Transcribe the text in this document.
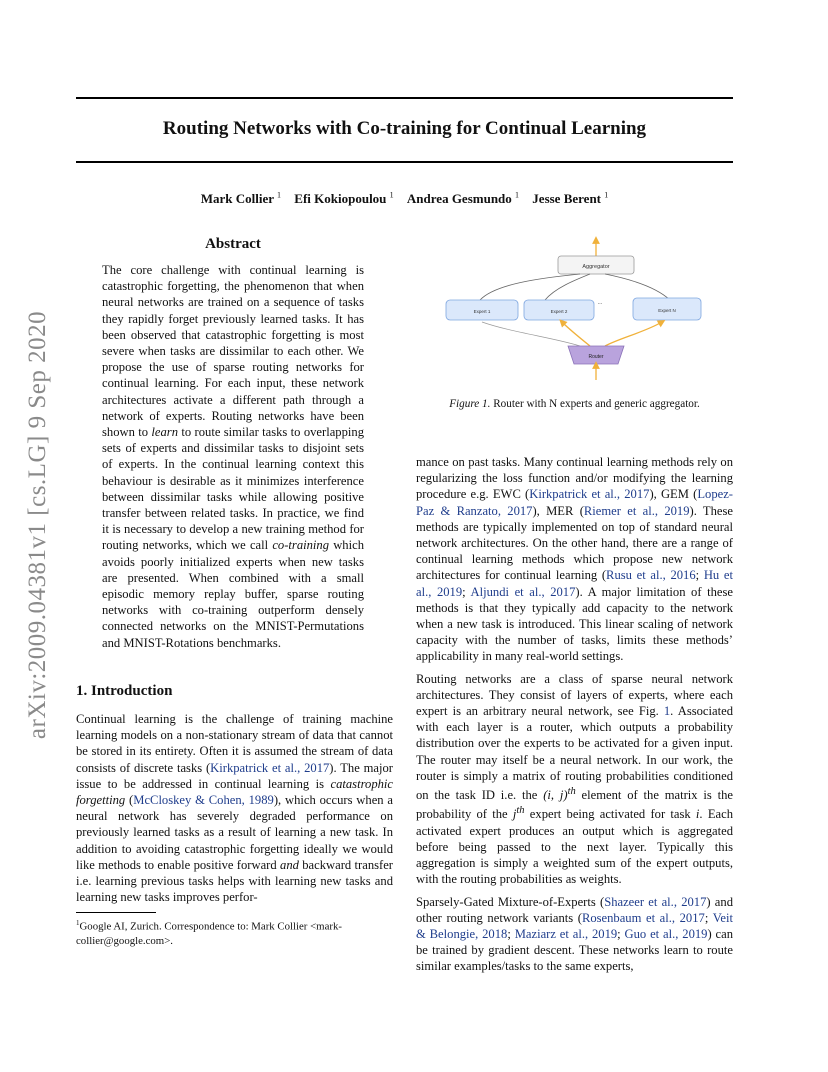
Routing Networks with Co-training for Continual Learning
Mark Collier $^1$ Efi Kokiopoulou $^1$ Andrea Gesmundo $^1$ Jesse Berent $^1$
arXiv:2009.04381v1 [cs.LG] 9 Sep 2020
Abstract

The core challenge with continual learning is catastrophic forgetting, the phenomenon that when neural networks are trained on a sequence of tasks they rapidly forget previously learned tasks. It has been observed that catastrophic forgetting is most severe when tasks are dissimilar to each other. We propose the use of sparse routing networks for continual learning. For each input, these network architectures activate a different path through a network of experts. Routing networks have been shown to learn to route similar tasks to overlapping sets of experts and dissimilar tasks to disjoint sets of experts. In the continual learning context this behaviour is desirable as it minimizes interference between dissimilar tasks while allowing positive transfer between related tasks. In practice, we find it is necessary to develop a new training method for routing networks, which we call co-training which avoids poorly initialized experts when new tasks are presented. When combined with a small episodic memory replay buffer, sparse routing networks with co-training outperform densely connected networks on the MNIST-Permutations and MNIST-Rotations benchmarks.

Aggregator
Expert 1	Expert 2
...
Expert N
Router
Figure 1. Router with N experts and generic aggregator.
1. Introduction

Continual learning is the challenge of training machine learning models on a non-stationary stream of data that cannot be stored in its entirety. Often it is assumed the stream of data consists of discrete tasks (Kirkpatrick et al., 2017). The major issue to be addressed in continual learning is catastrophic forgetting (McCloskey & Cohen, 1989), which occurs when a neural network has severely degraded performance on previously learned tasks as a result of learning a new task. In addition to avoiding catastrophic forgetting ideally we would like methods to enable positive forward and backward transfer i.e. learning previous tasks helps with learning new tasks and learning new tasks improves perfor-

$^1$Google AI, Zurich. Correspondence to: Mark Collier <mark-collier@google.com>.

mance on past tasks. Many continual learning methods rely on regularizing the loss function and/or modifying the learning procedure e.g. EWC (Kirkpatrick et al., 2017), GEM (Lopez-Paz & Ranzato, 2017), MER (Riemer et al., 2019). These methods are typically implemented on top of standard neural network architectures. On the other hand, there are a range of continual learning methods which propose new network architectures for continual learning (Rusu et al., 2016; Hu et al., 2019; Aljundi et al., 2017). A major limitation of these methods is that they typically add capacity to the network when a new task is introduced. This linear scaling of network capacity with the number of tasks, limits these methods’ applicability in many real-world settings.

Routing networks are a class of sparse neural network architectures. They consist of layers of experts, where each expert is an arbitrary neural network, see Fig. 1. Associated with each layer is a router, which outputs a probability distribution over the experts to be activated for a given input. The router may itself be a neural network. In our work, the router is simply a matrix of routing probabilities conditioned on the task ID i.e. the (i, j)$^{th}$ element of the matrix is the probability of the $j^{th}$ expert being activated for task i. Each activated expert produces an output which is aggregated before being passed to the next layer. Typically this aggregation is simply a weighted sum of the expert outputs, with the routing probabilities as weights.

Sparsely-Gated Mixture-of-Experts (Shazeer et al., 2017) and other routing network variants (Rosenbaum et al., 2017; Veit & Belongie, 2018; Maziarz et al., 2019; Guo et al., 2019) can be trained by gradient descent. These networks learn to route similar examples/tasks to the same experts,
